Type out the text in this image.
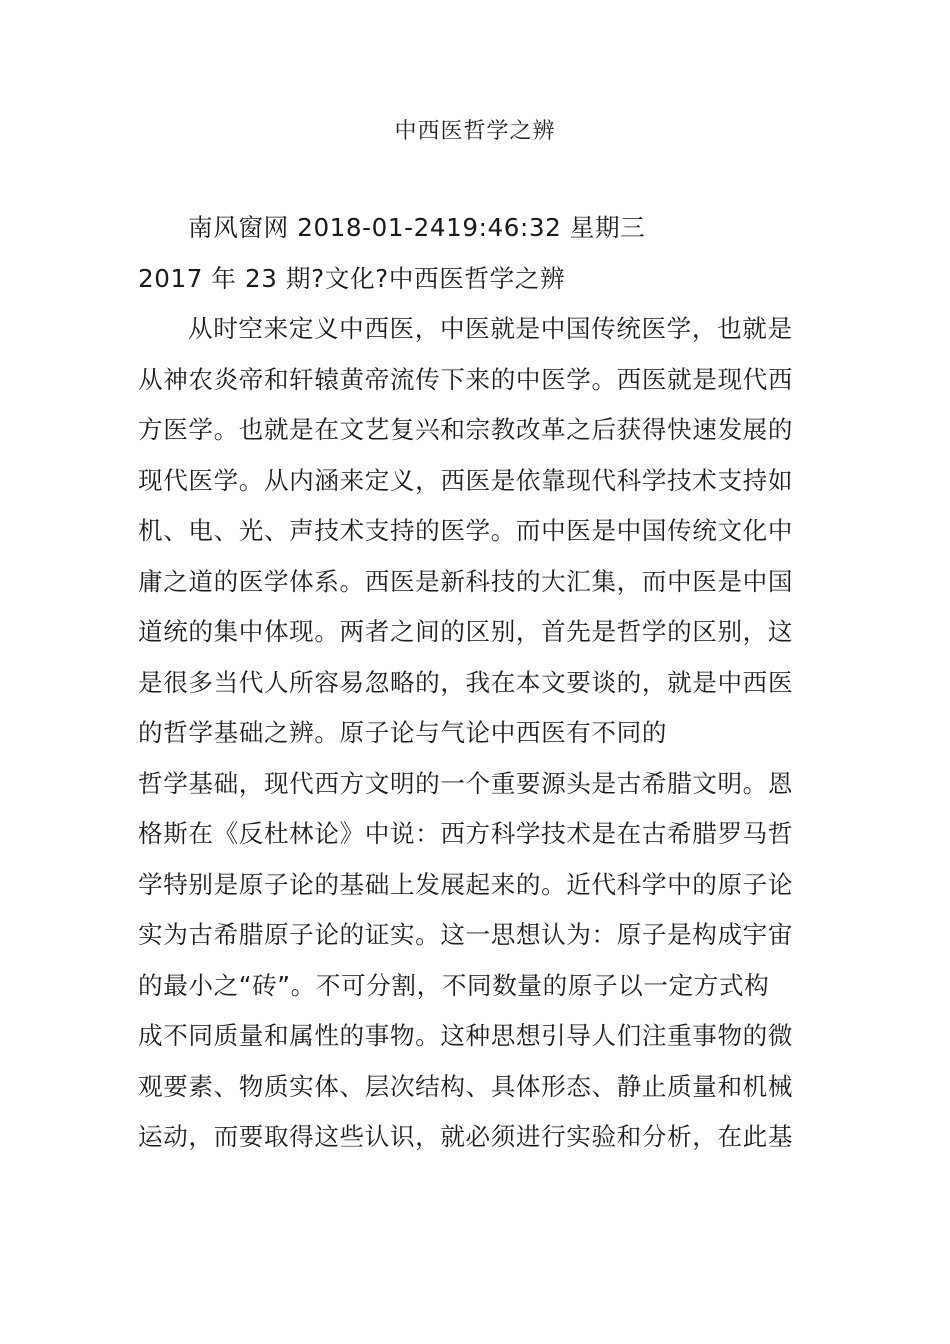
中西医哲学之辨
南风窗网 2018-01-2419:46:32 星期三
2017 年 23 期?文化?中西医哲学之辨
从时空来定义中西医，中医就是中国传统医学，也就是
从神农炎帝和轩辕黄帝流传下来的中医学。西医就是现代西
方医学。也就是在文艺复兴和宗教改革之后获得快速发展的
现代医学。从内涵来定义，西医是依靠现代科学技术支持如
机、电、光、声技术支持的医学。而中医是中国传统文化中
庸之道的医学体系。西医是新科技的大汇集，而中医是中国
道统的集中体现。两者之间的区别，首先是哲学的区别，这
是很多当代人所容易忽略的，我在本文要谈的，就是中西医
的哲学基础之辨。原子论与气论中西医有不同的
哲学基础，现代西方文明的一个重要源头是古希腊文明。恩
格斯在《反杜林论》中说：西方科学技术是在古希腊罗马哲
学特别是原子论的基础上发展起来的。近代科学中的原子论
实为古希腊原子论的证实。这一思想认为：原子是构成宇宙
的最小之“砖”。不可分割，不同数量的原子以一定方式构
成不同质量和属性的事物。这种思想引导人们注重事物的微
观要素、物质实体、层次结构、具体形态、静止质量和机械
运动，而要取得这些认识，就必须进行实验和分析，在此基
